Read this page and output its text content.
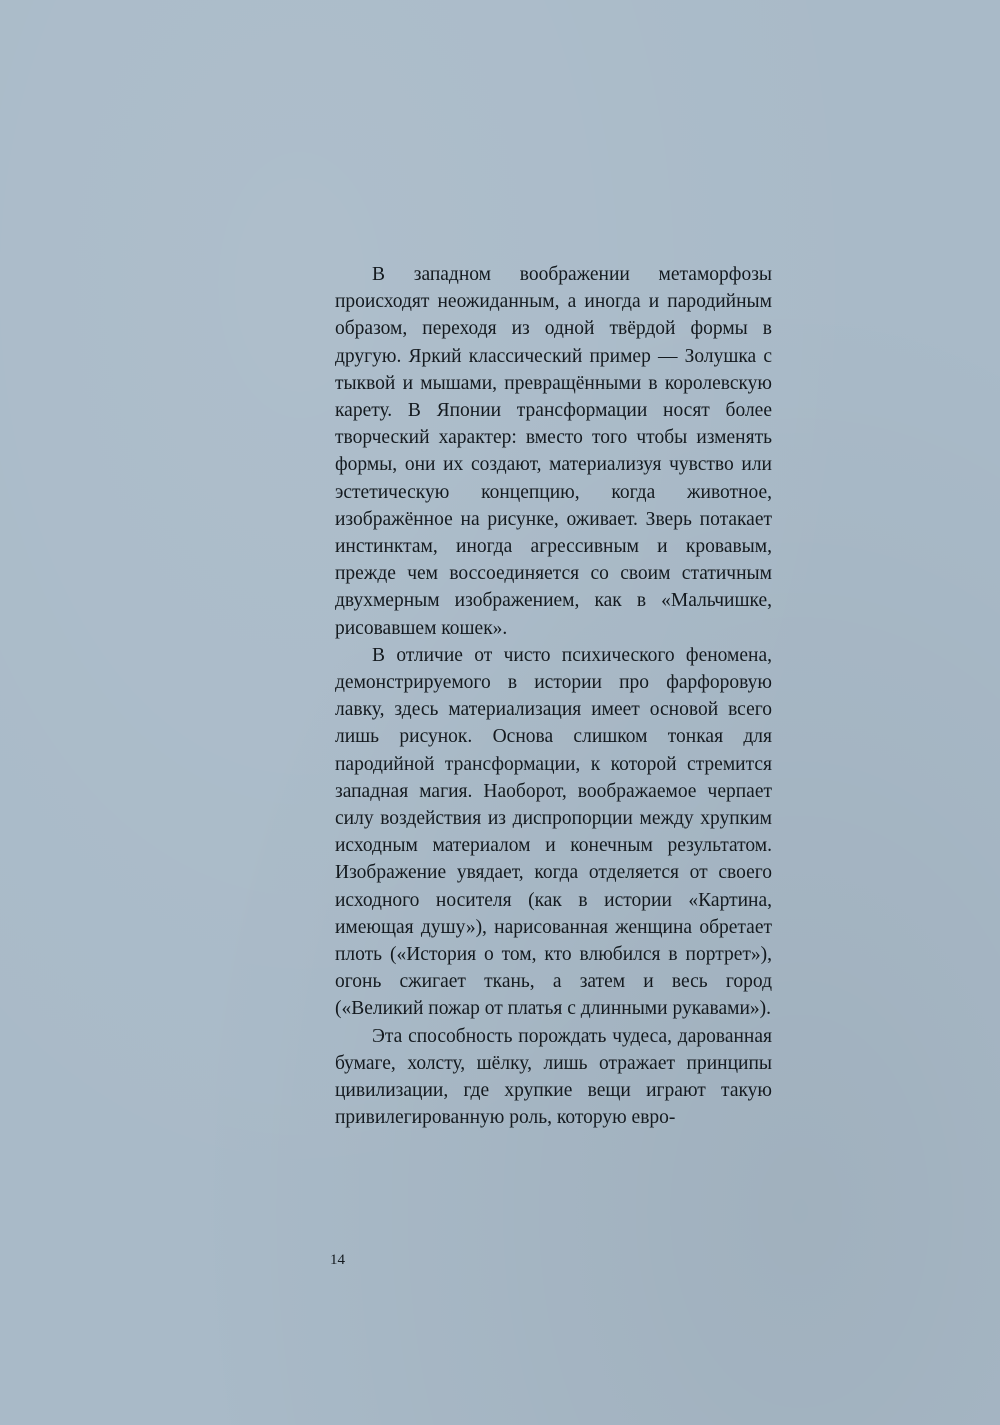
В западном воображении метаморфозы происходят неожиданным, а иногда и пародийным образом, переходя из одной твёрдой формы в другую. Яркий классический пример — Золушка с тыквой и мышами, превращёнными в королевскую карету. В Японии трансформации носят более творческий характер: вместо того чтобы изменять формы, они их создают, материализуя чувство или эстетическую концепцию, когда животное, изображённое на рисунке, оживает. Зверь потакает инстинктам, иногда агрессивным и кровавым, прежде чем воссоединяется со своим статичным двухмерным изображением, как в «Мальчишке, рисовавшем кошек».

В отличие от чисто психического феномена, демонстрируемого в истории про фарфоровую лавку, здесь материализация имеет основой всего лишь рисунок. Основа слишком тонкая для пародийной трансформации, к которой стремится западная магия. Наоборот, воображаемое черпает силу воздействия из диспропорции между хрупким исходным материалом и конечным результатом. Изображение увядает, когда отделяется от своего исходного носителя (как в истории «Картина, имеющая душу»), нарисованная женщина обретает плоть («История о том, кто влюбился в портрет»), огонь сжигает ткань, а затем и весь город («Великий пожар от платья с длинными рукавами»).

Эта способность порождать чудеса, дарованная бумаге, холсту, шёлку, лишь отражает принципы цивилизации, где хрупкие вещи играют такую привилегированную роль, которую евро-

14
